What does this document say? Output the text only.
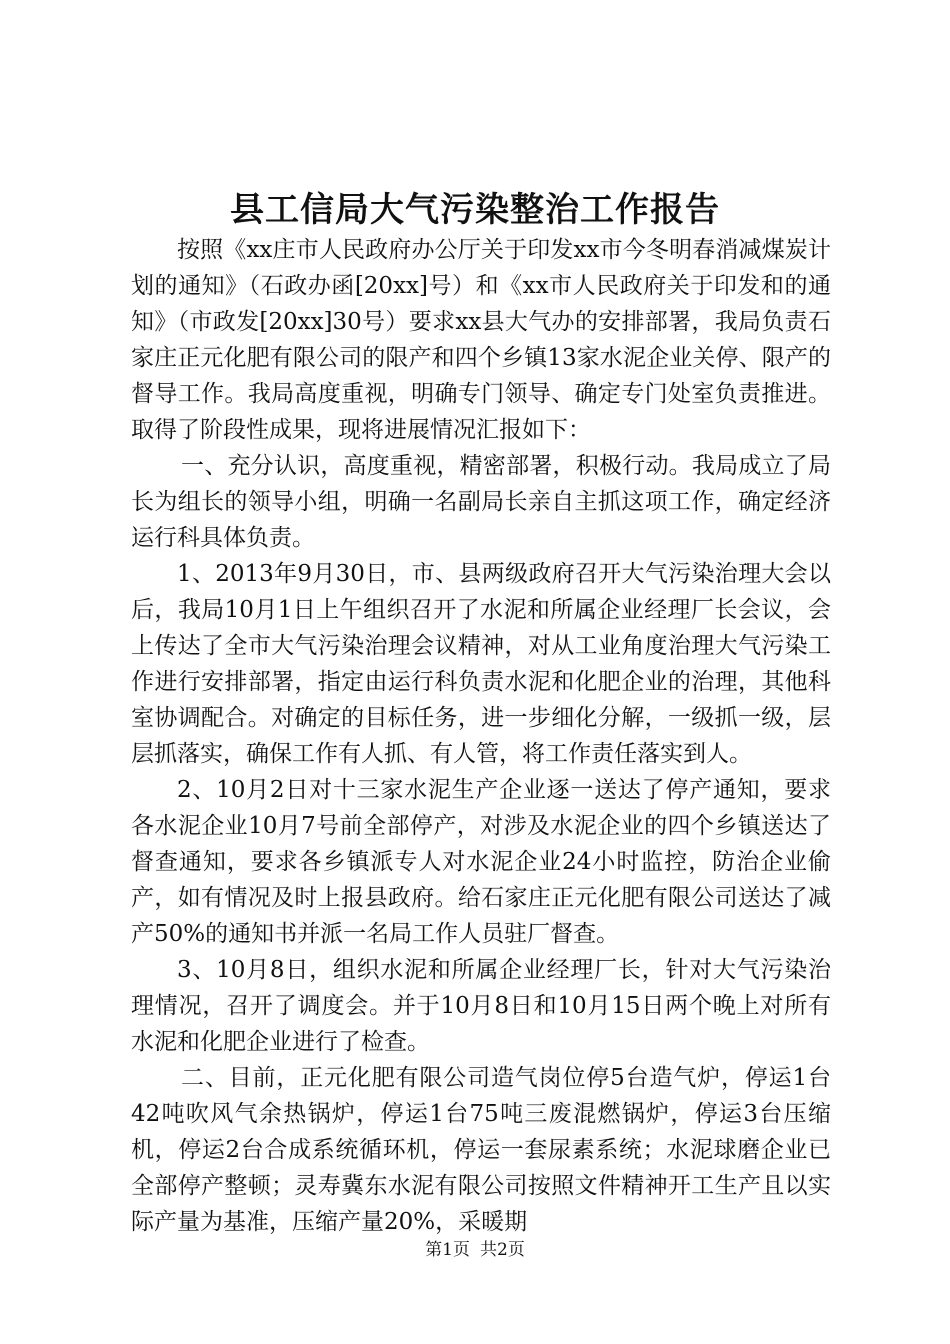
县工信局大气污染整治工作报告

按照《xx庄市人民政府办公厅关于印发xx市今冬明春消减煤炭计划的通知》（石政办函[20xx]号）和《xx市人民政府关于印发和的通知》（市政发[20xx]30号）要求xx县大气办的安排部署，我局负责石家庄正元化肥有限公司的限产和四个乡镇13家水泥企业关停、限产的督导工作。我局高度重视，明确专门领导、确定专门处室负责推进。取得了阶段性成果，现将进展情况汇报如下：

一、充分认识，高度重视，精密部署，积极行动。我局成立了局长为组长的领导小组，明确一名副局长亲自主抓这项工作，确定经济运行科具体负责。

1、2013年9月30日，市、县两级政府召开大气污染治理大会以后，我局10月1日上午组织召开了水泥和所属企业经理厂长会议，会上传达了全市大气污染治理会议精神，对从工业角度治理大气污染工作进行安排部署，指定由运行科负责水泥和化肥企业的治理，其他科室协调配合。对确定的目标任务，进一步细化分解，一级抓一级，层层抓落实，确保工作有人抓、有人管，将工作责任落实到人。

2、10月2日对十三家水泥生产企业逐一送达了停产通知，要求各水泥企业10月7号前全部停产，对涉及水泥企业的四个乡镇送达了督查通知，要求各乡镇派专人对水泥企业24小时监控，防治企业偷产，如有情况及时上报县政府。给石家庄正元化肥有限公司送达了减产50%的通知书并派一名局工作人员驻厂督查。

3、10月8日，组织水泥和所属企业经理厂长，针对大气污染治理情况，召开了调度会。并于10月8日和10月15日两个晚上对所有水泥和化肥企业进行了检查。

二、目前，正元化肥有限公司造气岗位停5台造气炉，停运1台42吨吹风气余热锅炉，停运1台75吨三废混燃锅炉，停运3台压缩机，停运2台合成系统循环机，停运一套尿素系统；水泥球磨企业已全部停产整顿；灵寿冀东水泥有限公司按照文件精神开工生产且以实际产量为基准，压缩产量20%，采暖期

第1页 共2页
